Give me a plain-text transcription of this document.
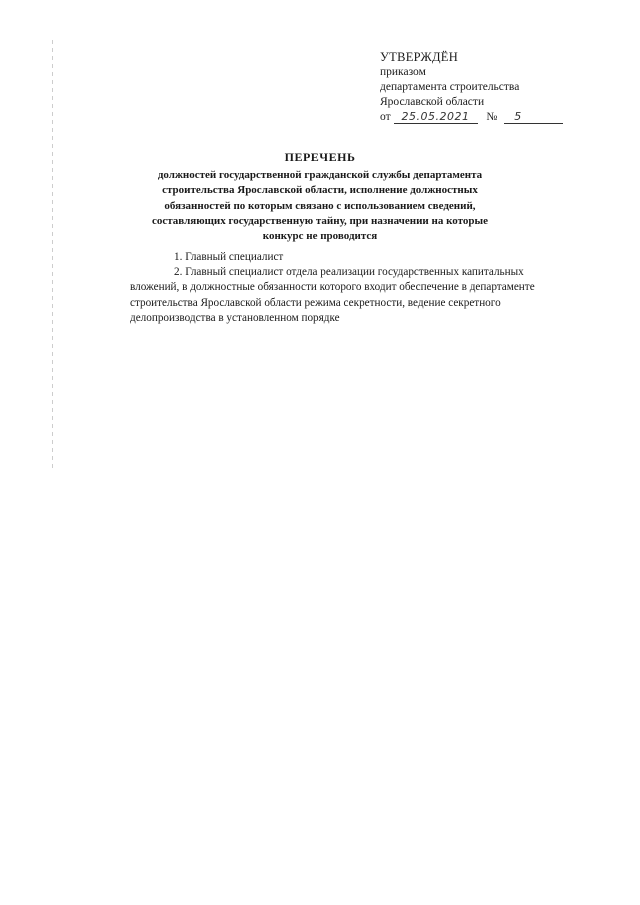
УТВЕРЖДЁН
приказом
департамента строительства
Ярославской области
от 25.05.2021 № 5
ПЕРЕЧЕНЬ
должностей государственной гражданской службы департамента строительства Ярославской области, исполнение должностных обязанностей по которым связано с использованием сведений, составляющих государственную тайну, при назначении на которые конкурс не проводится

1. Главный специалист

2. Главный специалист отдела реализации государственных капитальных вложений, в должностные обязанности которого входит обеспечение в департаменте строительства Ярославской области режима секретности, ведение секретного делопроизводства в установленном порядке
